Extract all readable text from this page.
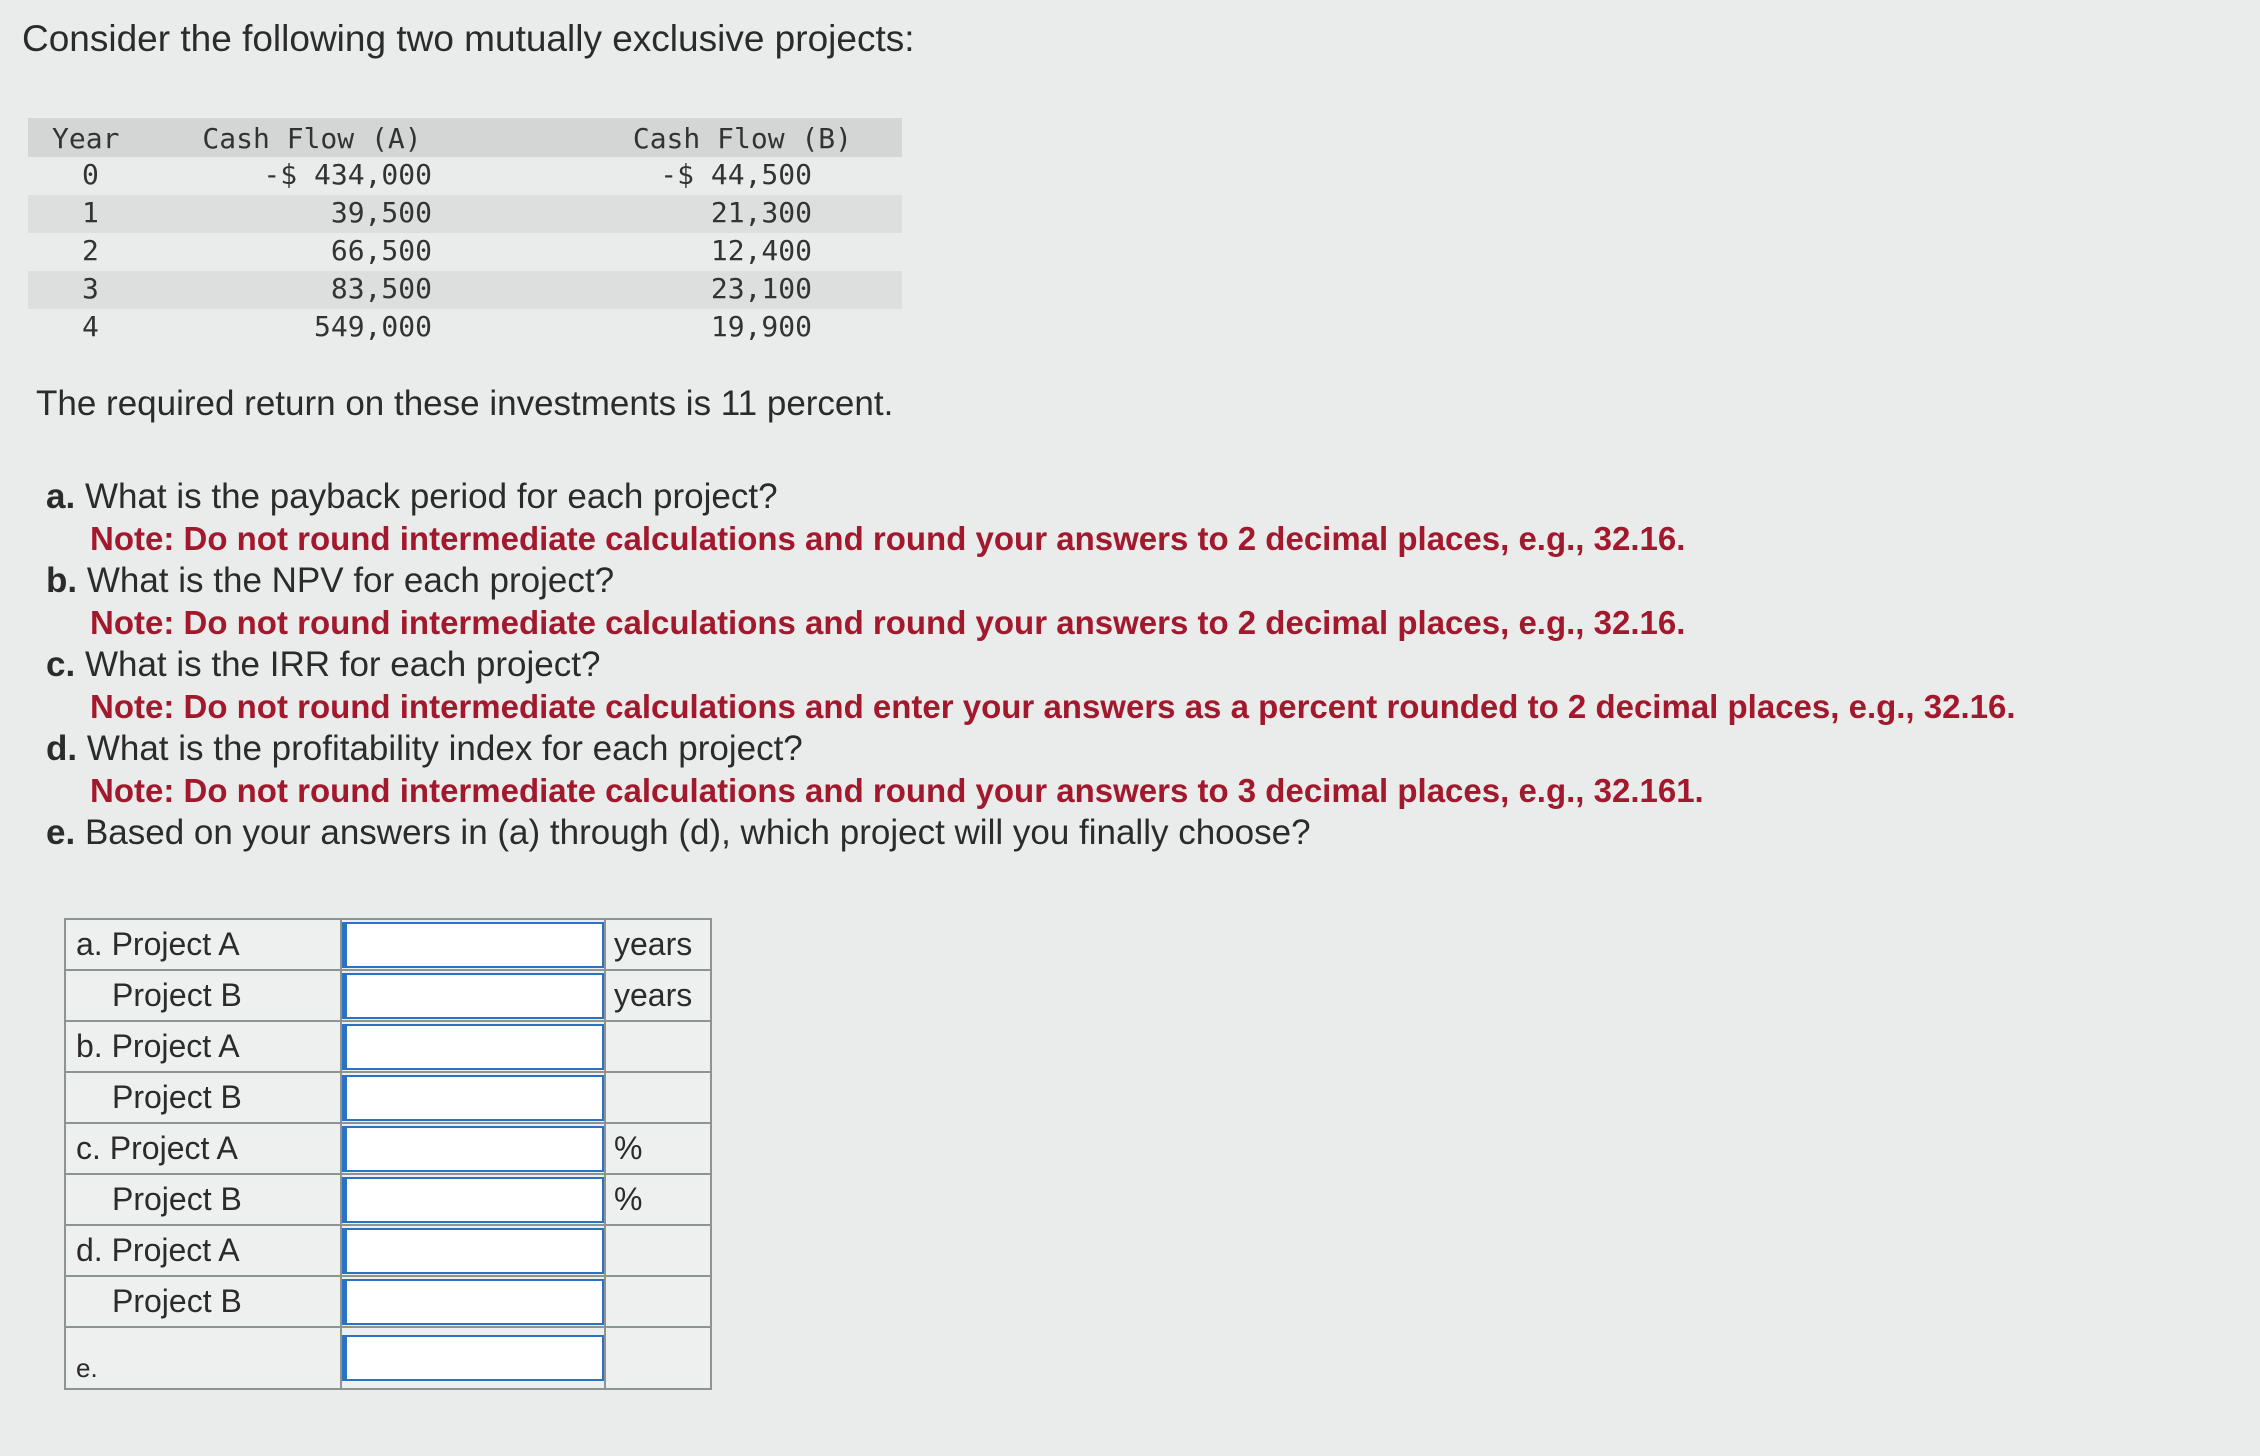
Consider the following two mutually exclusive projects:
Year	Cash Flow (A)	Cash Flow (B)
0	-$ 434,000	-$ 44,500
1	39,500	21,300
2	66,500	12,400
3	83,500	23,100
4	549,000	19,900
The required return on these investments is 11 percent.

a. What is the payback period for each project?

Note: Do not round intermediate calculations and round your answers to 2 decimal places, e.g., 32.16.

b. What is the NPV for each project?

Note: Do not round intermediate calculations and round your answers to 2 decimal places, e.g., 32.16.

c. What is the IRR for each project?

Note: Do not round intermediate calculations and enter your answers as a percent rounded to 2 decimal places, e.g., 32.16.

d. What is the profitability index for each project?

Note: Do not round intermediate calculations and round your answers to 3 decimal places, e.g., 32.161.

e. Based on your answers in (a) through (d), which project will you finally choose?

a. Project A		years
Project B		years
b. Project A		
Project B		
c. Project A		%
Project B		%
d. Project A		
Project B		
e.		
